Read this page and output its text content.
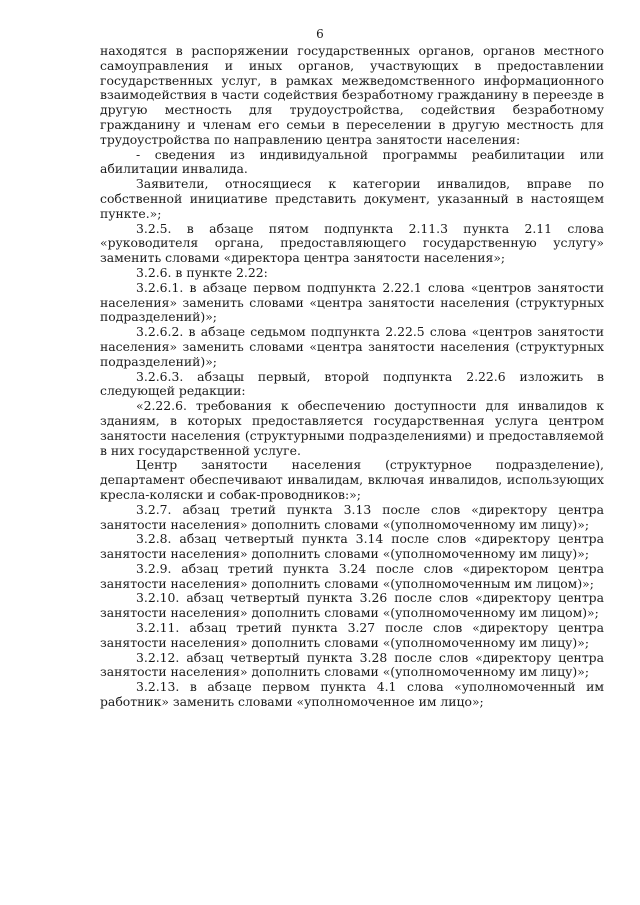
6

находятся в распоряжении государственных органов, органов местного самоуправления и иных органов, участвующих в предоставлении государственных услуг, в рамках межведомственного информационного взаимодействия в части содействия безработному гражданину в переезде в другую местность для трудоустройства, содействия безработному гражданину и членам его семьи в переселении в другую местность для трудоустройства по направлению центра занятости населения:

- сведения из индивидуальной программы реабилитации или абилитации инвалида.

Заявители, относящиеся к категории инвалидов, вправе по собственной инициативе представить документ, указанный в настоящем пункте.»;

3.2.5. в абзаце пятом подпункта 2.11.3 пункта 2.11 слова «руководителя органа, предоставляющего государственную услугу» заменить словами «директора центра занятости населения»;

3.2.6. в пункте 2.22:

3.2.6.1. в абзаце первом подпункта 2.22.1 слова «центров занятости населения» заменить словами «центра занятости населения (структурных подразделений)»;

3.2.6.2. в абзаце седьмом подпункта 2.22.5 слова «центров занятости населения» заменить словами «центра занятости населения (структурных подразделений)»;

3.2.6.3. абзацы первый, второй подпункта 2.22.6 изложить в следующей редакции:

«2.22.6. требования к обеспечению доступности для инвалидов к зданиям, в которых предоставляется государственная услуга центром занятости населения (структурными подразделениями) и предоставляемой в них государственной услуге.

Центр занятости населения (структурное подразделение), департамент обеспечивают инвалидам, включая инвалидов, использующих кресла-коляски и собак-проводников:»;

3.2.7. абзац третий пункта 3.13 после слов «директору центра занятости населения» дополнить словами «(уполномоченному им лицу)»;

3.2.8. абзац четвертый пункта 3.14 после слов «директору центра занятости населения» дополнить словами «(уполномоченному им лицу)»;

3.2.9. абзац третий пункта 3.24 после слов «директором центра занятости населения» дополнить словами «(уполномоченным им лицом)»;

3.2.10. абзац четвертый пункта 3.26 после слов «директору центра занятости населения» дополнить словами «(уполномоченному им лицом)»;

3.2.11. абзац третий пункта 3.27 после слов «директору центра занятости населения» дополнить словами «(уполномоченному им лицу)»;

3.2.12. абзац четвертый пункта 3.28 после слов «директору центра занятости населения» дополнить словами «(уполномоченному им лицу)»;

3.2.13. в абзаце первом пункта 4.1 слова «уполномоченный им работник» заменить словами «уполномоченное им лицо»;
